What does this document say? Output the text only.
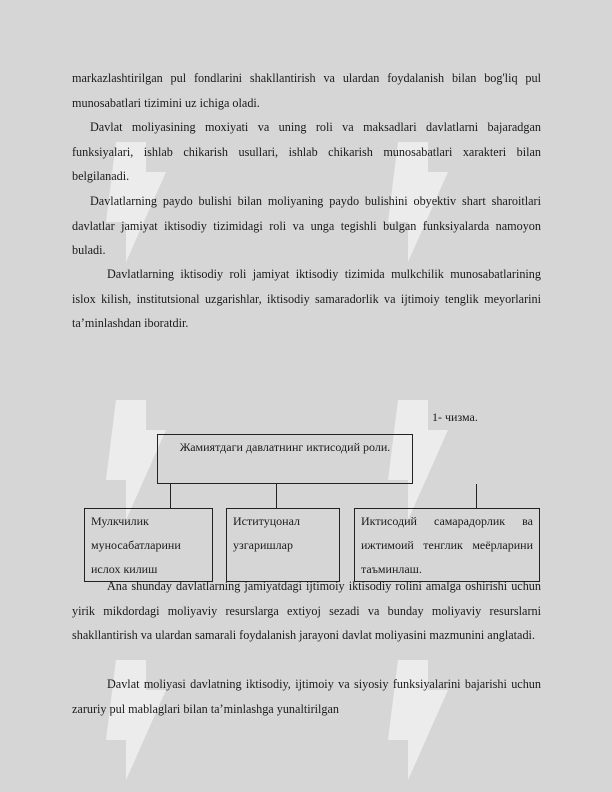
markazlashtirilgan pul fondlarini shakllantirish va ulardan foydalanish bilan bog'liq pul munosabatlari tizimini uz ichiga oladi.

Davlat moliyasining moxiyati va uning roli va maksadlari davlatlarni bajaradgan funksiyalari, ishlab chikarish usullari, ishlab chikarish munosabatlari xarakteri bilan belgilanadi.

Davlatlarning paydo bulishi bilan moliyaning paydo bulishini obyektiv shart sharoitlari davlatlar jamiyat iktisodiy tizimidagi roli va unga tegishli bulgan funksiyalarda namoyon buladi.

Davlatlarning iktisodiy roli jamiyat iktisodiy tizimida mulkchilik munosabatlarining isloх kilish, institutsional uzgarishlar, iktisodiy samaradorlik va ijtimoiy tenglik meyorlarini ta’minlashdan iboratdir.

1- чизма.
Жамиятдаги давлатнинг иктисодий роли.
Мулкчилик муносабатларини ислох килиш
Иституцонал узгаришлар
Иктисодий самарадорлик ва ижтимоий тенглик меёрларини таъминлаш.

Ana shunday davlatlarning jamiyatdagi ijtimoiy iktisodiy rolini amalga oshirishi uchun yirik mikdordagi moliyaviy resurslarga extiyoj sezadi va bunday moliyaviy resurslarni shakllantirish va ulardan samarali foydalanish jarayoni davlat moliyasini mazmunini anglatadi.

Davlat moliyasi davlatning iktisodiy, ijtimoiy va siyosiy funksiyalarini bajarishi uchun zaruriy pul mablaglari bilan ta’minlashga yunaltirilgan
